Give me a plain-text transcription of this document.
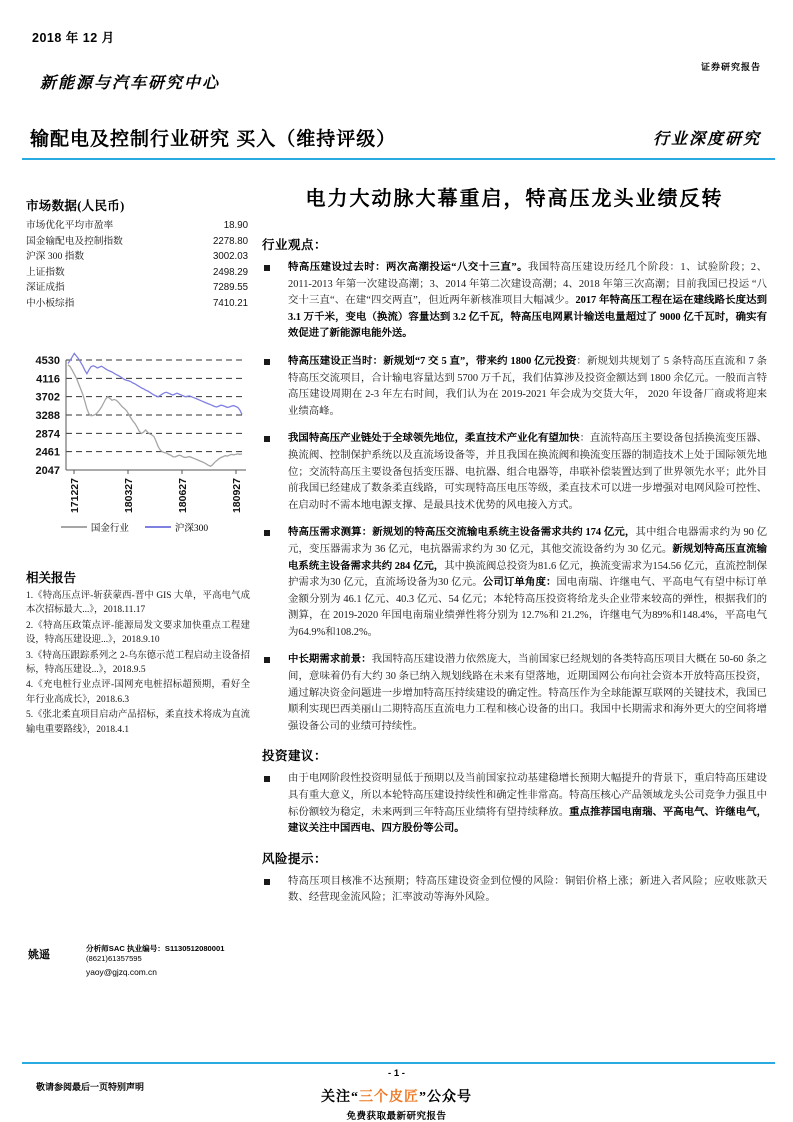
2018 年 12 月
证券研究报告
新能源与汽车研究中心
输配电及控制行业研究 买入（维持评级）	行业深度研究
市场数据(人民币)
市场优化平均市盈率	18.90
国金输配电及控制指数	2278.80
沪深 300 指数	3002.03
上证指数	2498.29
深证成指	7289.55
中小板综指	7410.21
4530
4116
3702
3288
2874
2461
2047
171227	180327	180627	180927
国金行业	沪深300
相关报告
1.《特高压点评-斩获蒙西-晋中 GIS 大单，平高电气成本次招标最大...》，2018.11.17
2.《特高压政策点评-能源局发文要求加快重点工程建设，特高压建设迎...》，2018.9.10
3.《特高压跟踪系列之 2-乌东德示范工程启动主设备招标，特高压建设...》，2018.9.5
4.《充电桩行业点评-国网充电桩招标超预期，看好全年行业高成长》，2018.6.3
5.《张北柔直项目启动产品招标，柔直技术将成为直流输电重要路线》，2018.4.1
姚遥
分析师SAC 执业编号：S1130512080001
(8621)61357595
yaoy@gjzq.com.cn
电力大动脉大幕重启，特高压龙头业绩反转
行业观点：
特高压建设过去时：两次高潮投运“八交十三直”。我国特高压建设历经几个阶段：1、试验阶段；2、2011-2013 年第一次建设高潮；3、2014 年第二次建设高潮；4、2018 年第三次高潮；目前我国已投运 “八交十三直“、在建“四交两直”，但近两年新核准项目大幅减少。2017 年特高压工程在运在建线路长度达到 3.1 万千米，变电（换流）容量达到 3.2 亿千瓦，特高压电网累计输送电量超过了 9000 亿千瓦时，确实有效促进了新能源电能外送。
特高压建设正当时：新规划“7 交 5 直”，带来约 1800 亿元投资：新规划共规划了 5 条特高压直流和 7 条特高压交流项目，合计输电容量达到 5700 万千瓦，我们估算涉及投资金额达到 1800 余亿元。一般而言特高压建设周期在 2-3 年左右时间，我们认为在 2019-2021 年会成为交货大年， 2020 年设备厂商或将迎来业绩高峰。
我国特高压产业链处于全球领先地位，柔直技术产业化有望加快：直流特高压主要设备包括换流变压器、换流阀、控制保护系统以及直流场设备等，并且我国在换流阀和换流变压器的制造技术上处于国际领先地位；交流特高压主要设备包括变压器、电抗器、组合电器等，串联补偿装置达到了世界领先水平；此外目前我国已经建成了数条柔直线路，可实现特高压电压等级，柔直技术可以进一步增强对电网风险可控性、在启动时不需本地电源支撑、是最具技术优势的风电接入方式。
特高压需求测算：新规划的特高压交流输电系统主设备需求共约 174 亿元，其中组合电器需求约为 90 亿元，变压器需求为 36 亿元，电抗器需求约为 30 亿元，其他交流设备约为 30 亿元。新规划特高压直流输电系统主设备需求共约 284 亿元，其中换流阀总投资为81.6 亿元，换流变需求为154.56 亿元，直流控制保护需求为30 亿元，直流场设备为30 亿元。公司订单角度：国电南瑞、许继电气、平高电气有望中标订单金额分别为 46.1 亿元、40.3 亿元、54 亿元；本轮特高压投资将给龙头企业带来较高的弹性，根据我们的测算，在 2019-2020 年国电南瑞业绩弹性将分别为 12.7%和 21.2%，许继电气为89%和148.4%，平高电气为64.9%和108.2%。
中长期需求前景：我国特高压建设潜力依然庞大，当前国家已经规划的各类特高压项目大概在 50-60 条之间，意味着仍有大约 30 条已纳入规划线路在未来有望落地，近期国网公布向社会资本开放特高压投资，通过解决资金问题进一步增加特高压持续建设的确定性。特高压作为全球能源互联网的关键技术，我国已顺利实现巴西美丽山二期特高压直流电力工程和核心设备的出口。我国中长期需求和海外更大的空间将增强设备公司的业绩可持续性。
投资建议：
由于电网阶段性投资明显低于预期以及当前国家拉动基建稳增长预期大幅提升的背景下，重启特高压建设具有重大意义，所以本轮特高压建设持续性和确定性非常高。特高压核心产品领域龙头公司竞争力强且中标份额较为稳定，未来两到三年特高压业绩将有望持续释放。重点推荐国电南瑞、平高电气、许继电气，建议关注中国西电、四方股份等公司。
风险提示：
特高压项目核准不达预期；特高压建设资金到位慢的风险：铜铝价格上涨；新进入者风险；应收账款天数、经营现金流风险；汇率波动等海外风险。
敬请参阅最后一页特别声明
- 1 -
关注“三个皮匠”公众号
免费获取最新研究报告
